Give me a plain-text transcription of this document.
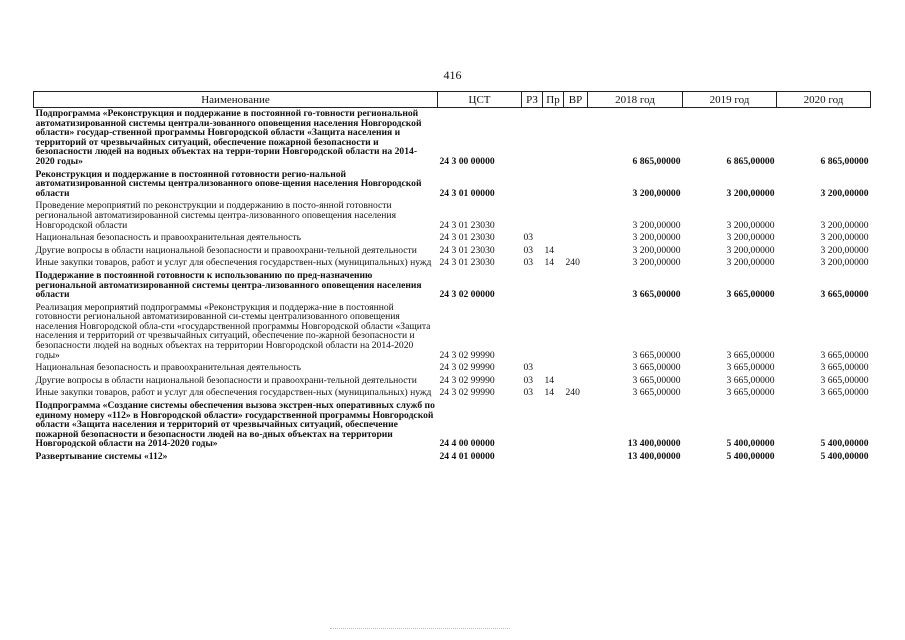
416
Наименование	ЦСТ	РЗ	Пр	ВР	2018 год	2019 год	2020 год
Подпрограмма «Реконструкция и поддержание в постоянной го-товности региональной автоматизированной системы централи-зованного оповещения населения Новгородской области» государ-ственной программы Новгородской области «Защита населения и территорий от чрезвычайных ситуаций, обеспечение пожарной безопасности и безопасности людей на водных объектах на терри-тории Новгородской области на 2014-2020 годы»	24 3 00 00000				6 865,00000	6 865,00000	6 865,00000
Реконструкция и поддержание в постоянной готовности регио-нальной автоматизированной системы централизованного опове-щения населения Новгородской области	24 3 01 00000				3 200,00000	3 200,00000	3 200,00000
Проведение мероприятий по реконструкции и поддержанию в посто-янной готовности региональной автоматизированной системы центра-лизованного оповещения населения Новгородской области	24 3 01 23030				3 200,00000	3 200,00000	3 200,00000
Национальная безопасность и правоохранительная деятельность	24 3 01 23030	03			3 200,00000	3 200,00000	3 200,00000
Другие вопросы в области национальной безопасности и правоохрани-тельной деятельности	24 3 01 23030	03	14		3 200,00000	3 200,00000	3 200,00000
Иные закупки товаров, работ и услуг для обеспечения государствен-ных (муниципальных) нужд	24 3 01 23030	03	14	240	3 200,00000	3 200,00000	3 200,00000
Поддержание в постоянной готовности к использованию по пред-назначению региональной автоматизированной системы центра-лизованного оповещения населения области	24 3 02 00000				3 665,00000	3 665,00000	3 665,00000
Реализация мероприятий подпрограммы «Реконструкция и поддержа-ние в постоянной готовности региональной автоматизированной си-стемы централизованного оповещения населения Новгородской обла-сти «государственной программы Новгородской области «Защита населения и территорий от чрезвычайных ситуаций, обеспечение по-жарной безопасности и безопасности людей на водных объектах на территории Новгородской области на 2014-2020 годы»	24 3 02 99990				3 665,00000	3 665,00000	3 665,00000
Национальная безопасность и правоохранительная деятельность	24 3 02 99990	03			3 665,00000	3 665,00000	3 665,00000
Другие вопросы в области национальной безопасности и правоохрани-тельной деятельности	24 3 02 99990	03	14		3 665,00000	3 665,00000	3 665,00000
Иные закупки товаров, работ и услуг для обеспечения государствен-ных (муниципальных) нужд	24 3 02 99990	03	14	240	3 665,00000	3 665,00000	3 665,00000
Подпрограмма «Создание системы обеспечения вызова экстрен-ных оперативных служб по единому номеру «112» в Новгородской области» государственной программы Новгородской области «Защита населения и территорий от чрезвычайных ситуаций, обеспечение пожарной безопасности и безопасности людей на во-дных объектах на территории Новгородской области на 2014-2020 годы»	24 4 00 00000				13 400,00000	5 400,00000	5 400,00000
Развертывание системы «112»	24 4 01 00000				13 400,00000	5 400,00000	5 400,00000
